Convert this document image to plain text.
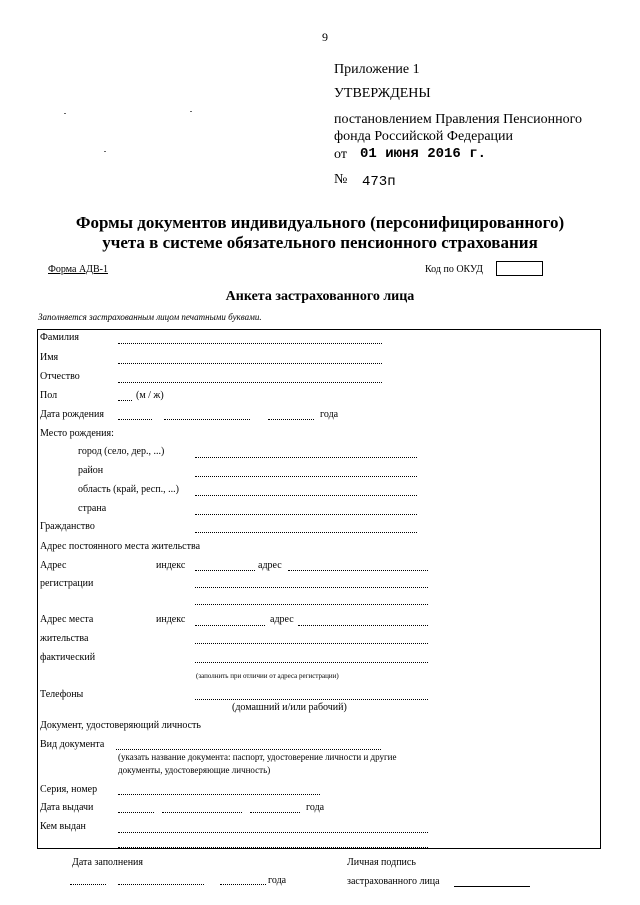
9
Приложение 1
УТВЕРЖДЕНЫ
постановлением Правления Пенсионного
фонда Российской Федерации
от 01 июня 2016 г.
№ 473п
Формы документов индивидуального (персонифицированного)
учета в системе обязательного пенсионного страхования
Форма АДВ-1	Код по ОКУД
Анкета застрахованного лица
Заполняется застрахованным лицом печатными буквами.
Фамилия
Имя
Отчество
Пол	(м / ж)
Дата рождения	года
Место рождения:
город (село, дер., ...)
район
область (край, респ., ...)
страна
Гражданство
Адрес постоянного места жительства
Адрес
регистрации
индекс	адрес
Адрес места
жительства
фактический
индекс	адрес
(заполнить при отличии от адреса регистрации)
Телефоны
(домашний и/или рабочий)
Документ, удостоверяющий личность
Вид документа
(указать название документа: паспорт, удостоверение личности и другие
документы, удостоверяющие личность)
Серия, номер
Дата выдачи	года
Кем выдан
Дата заполнения
года
Личная подпись
застрахованного лица
